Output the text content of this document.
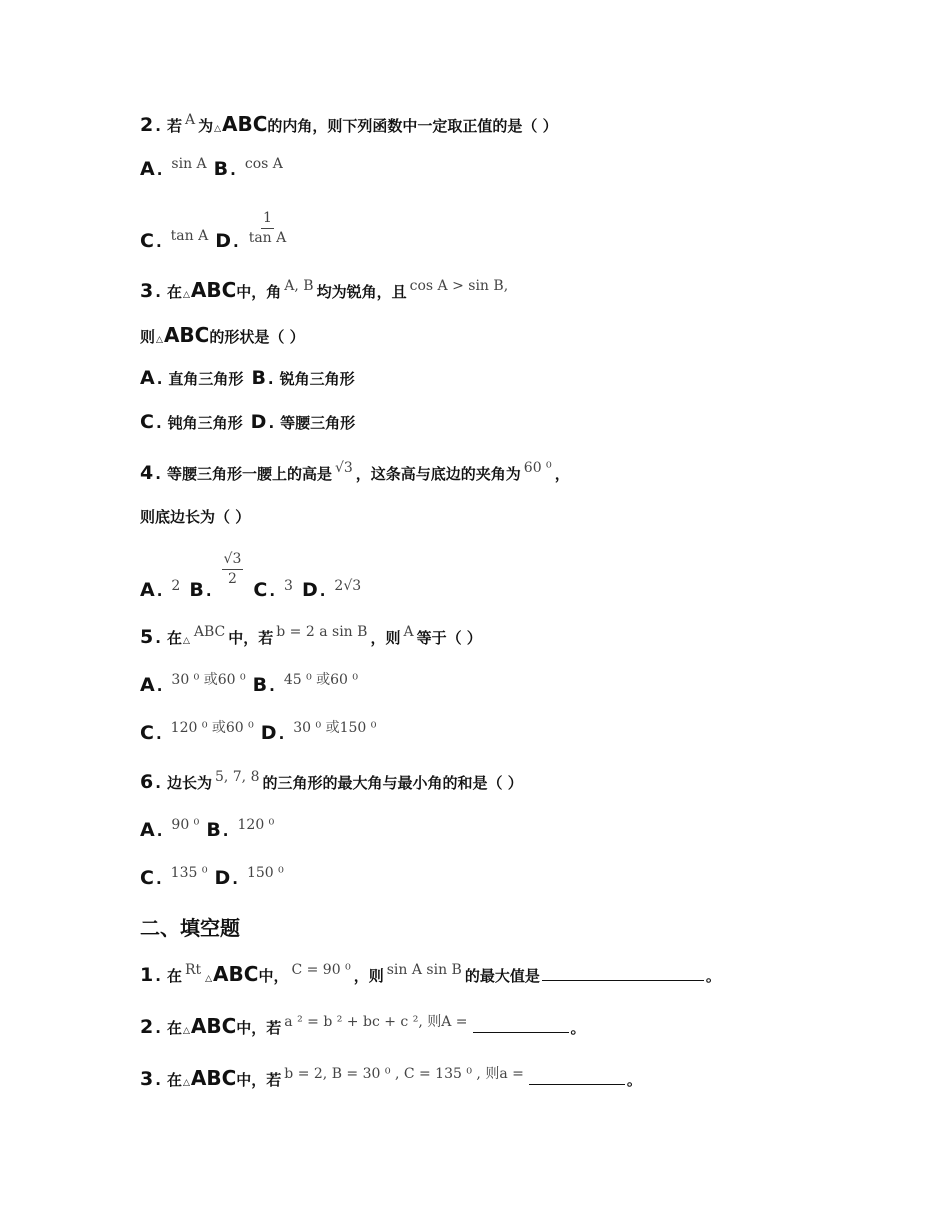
2 . 若 A 为 △ ABC 的内角，则下列函数中一定取正值的是（ ）
A . sin A B . cos A
C . tan A D . $\frac{1}{\text{tan A}}$
3 . 在 △ ABC 中，角 A, B 均为锐角，且 cos A > sin B,
则 △ ABC 的形状是（ ）
A . 直角三角形 B . 锐角三角形
C . 钝角三角形 D . 等腰三角形
4 . 等腰三角形一腰上的高是 √3 ，这条高与底边的夹角为 60 ⁰ ，
则底边长为（ ）
A . 2 B .
$\frac{√3}{2}$
C . 3 D . 2√3
5 . 在 △
ABC 中，若 b = 2 a sin B ，则 A 等于（ ）
A . 30 ⁰ 或60 ⁰ B . 45 ⁰ 或60 ⁰
C . 120 ⁰ 或60 ⁰ D . 30 ⁰ 或150 ⁰
6 . 边长为 5, 7, 8 的三角形的最大角与最小角的和是（ ）
A . 90 ⁰ B . 120 ⁰
C . 135 ⁰ D . 150 ⁰
二、填空题
1 . 在 Rt
△ ABC 中， C = 90 ⁰ ，则 sin A sin B 的最大值是	。
2 . 在 △ ABC 中，若 a ² = b ² + bc + c ², 则A =	。
3 . 在 △ ABC 中，若 b = 2, B = 30 ⁰ , C = 135 ⁰ , 则a =	。
